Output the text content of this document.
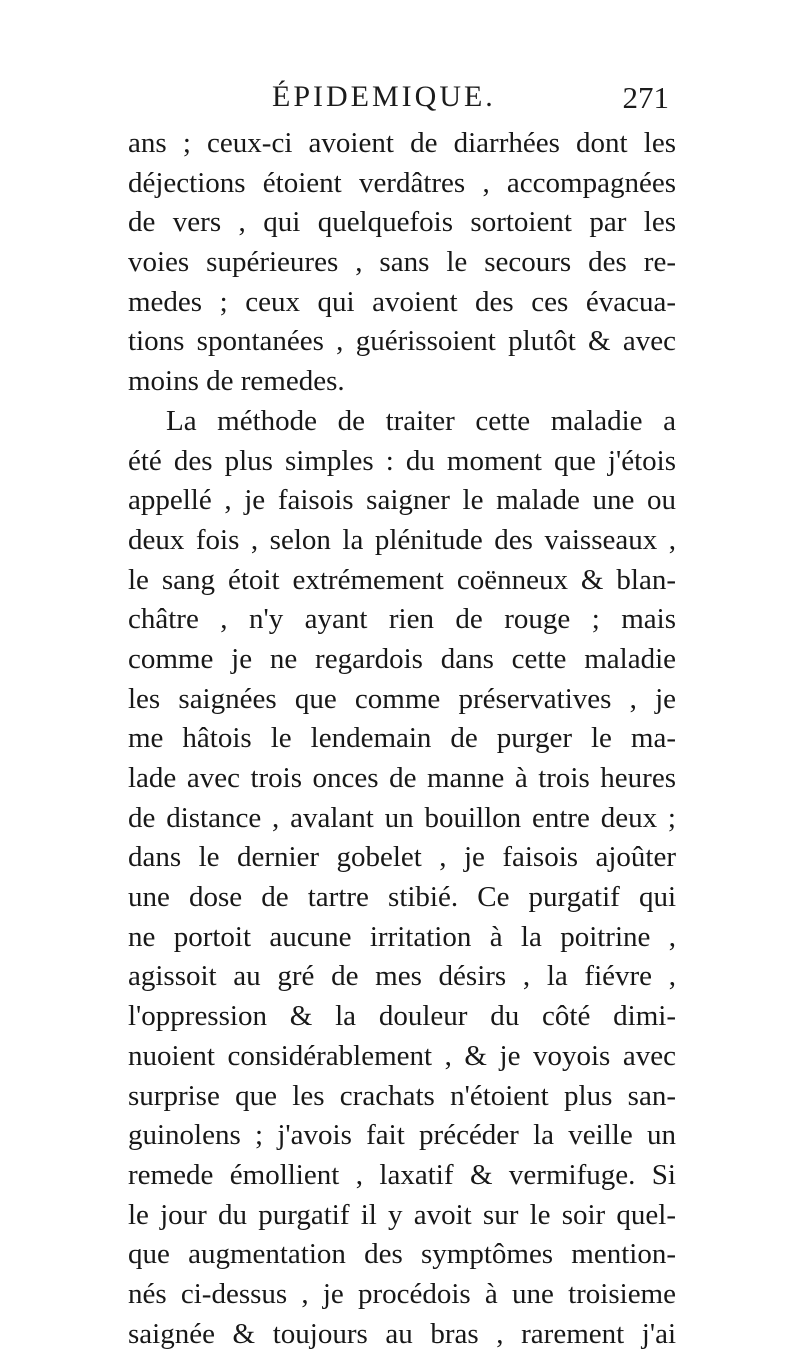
ÉPIDEMIQUE.	271
ans ; ceux-ci avoient de diarrhées dont les
déjections étoient verdâtres , accompagnées
de vers , qui quelquefois sortoient par les
voies supérieures , sans le secours des re-
medes ; ceux qui avoient des ces évacua-
tions spontanées , guérissoient plutôt & avec
moins de remedes.
La méthode de traiter cette maladie a
été des plus simples : du moment que j'étois
appellé , je faisois saigner le malade une ou
deux fois , selon la plénitude des vaisseaux ,
le sang étoit extrémement coënneux & blan-
châtre , n'y ayant rien de rouge ; mais
comme je ne regardois dans cette maladie
les saignées que comme préservatives , je
me hâtois le lendemain de purger le ma-
lade avec trois onces de manne à trois heures
de distance , avalant un bouillon entre deux ;
dans le dernier gobelet , je faisois ajoûter
une dose de tartre stibié. Ce purgatif qui
ne portoit aucune irritation à la poitrine ,
agissoit au gré de mes désirs , la fiévre ,
l'oppression & la douleur du côté dimi-
nuoient considérablement , & je voyois avec
surprise que les crachats n'étoient plus san-
guinolens ; j'avois fait précéder la veille un
remede émollient , laxatif & vermifuge. Si
le jour du purgatif il y avoit sur le soir quel-
que augmentation des symptômes mention-
nés ci-dessus , je procédois à une troisieme
saignée & toujours au bras , rarement j'ai
